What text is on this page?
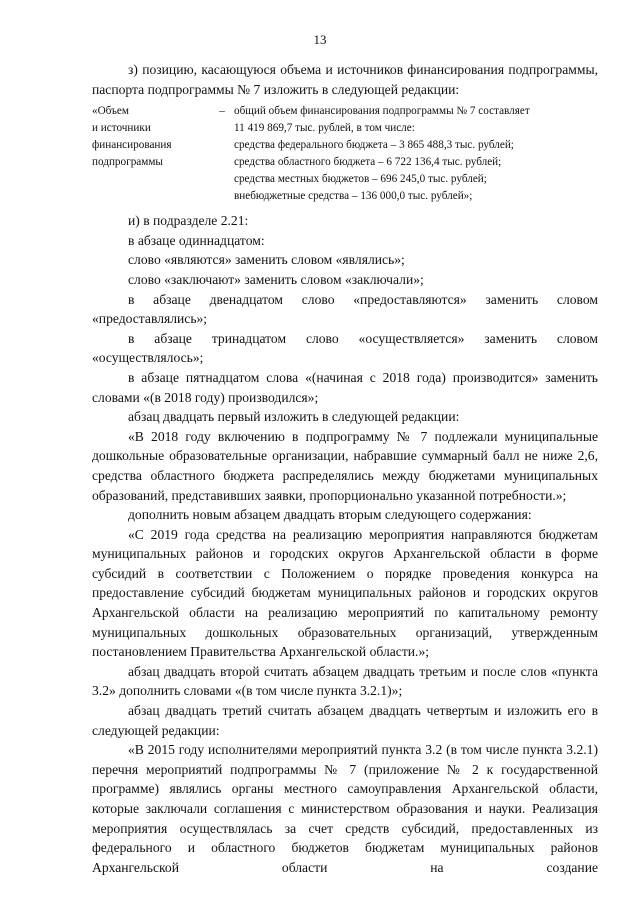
13
з) позицию, касающуюся объема и источников финансирования подпрограммы, паспорта подпрограммы № 7 изложить в следующей редакции:
«Объем
и источники
финансирования
подпрограммы
– общий объем финансирования подпрограммы № 7 составляет
11 419 869,7 тыс. рублей, в том числе:
средства федерального бюджета – 3 865 488,3 тыс. рублей;
средства областного бюджета – 6 722 136,4 тыс. рублей;
средства местных бюджетов – 696 245,0 тыс. рублей;
внебюджетные средства – 136 000,0 тыс. рублей»;
и) в подразделе 2.21:
в абзаце одиннадцатом:
слово «являются» заменить словом «являлись»;
слово «заключают» заменить словом «заключали»;
в абзаце двенадцатом слово «предоставляются» заменить словом «предоставлялись»;
в абзаце тринадцатом слово «осуществляется» заменить словом «осуществлялось»;
в абзаце пятнадцатом слова «(начиная с 2018 года) производится» заменить словами «(в 2018 году) производился»;
абзац двадцать первый изложить в следующей редакции:
«В 2018 году включению в подпрограмму № 7 подлежали муниципальные дошкольные образовательные организации, набравшие суммарный балл не ниже 2,6, средства областного бюджета распределялись между бюджетами муниципальных образований, представивших заявки, пропорционально указанной потребности.»;
дополнить новым абзацем двадцать вторым следующего содержания:
«С 2019 года средства на реализацию мероприятия направляются бюджетам муниципальных районов и городских округов Архангельской области в форме субсидий в соответствии с Положением о порядке проведения конкурса на предоставление субсидий бюджетам муниципальных районов и городских округов Архангельской области на реализацию мероприятий по капитальному ремонту муниципальных дошкольных образовательных организаций, утвержденным постановлением Правительства Архангельской области.»;
абзац двадцать второй считать абзацем двадцать третьим и после слов «пункта 3.2» дополнить словами «(в том числе пункта 3.2.1)»;
абзац двадцать третий считать абзацем двадцать четвертым и изложить его в следующей редакции:
«В 2015 году исполнителями мероприятий пункта 3.2 (в том числе пункта 3.2.1) перечня мероприятий подпрограммы № 7 (приложение № 2 к государственной программе) являлись органы местного самоуправления Архангельской области, которые заключали соглашения с министерством образования и науки. Реализация мероприятия осуществлялась за счет средств субсидий, предоставленных из федерального и областного бюджетов бюджетам муниципальных районов Архангельской области на создание
